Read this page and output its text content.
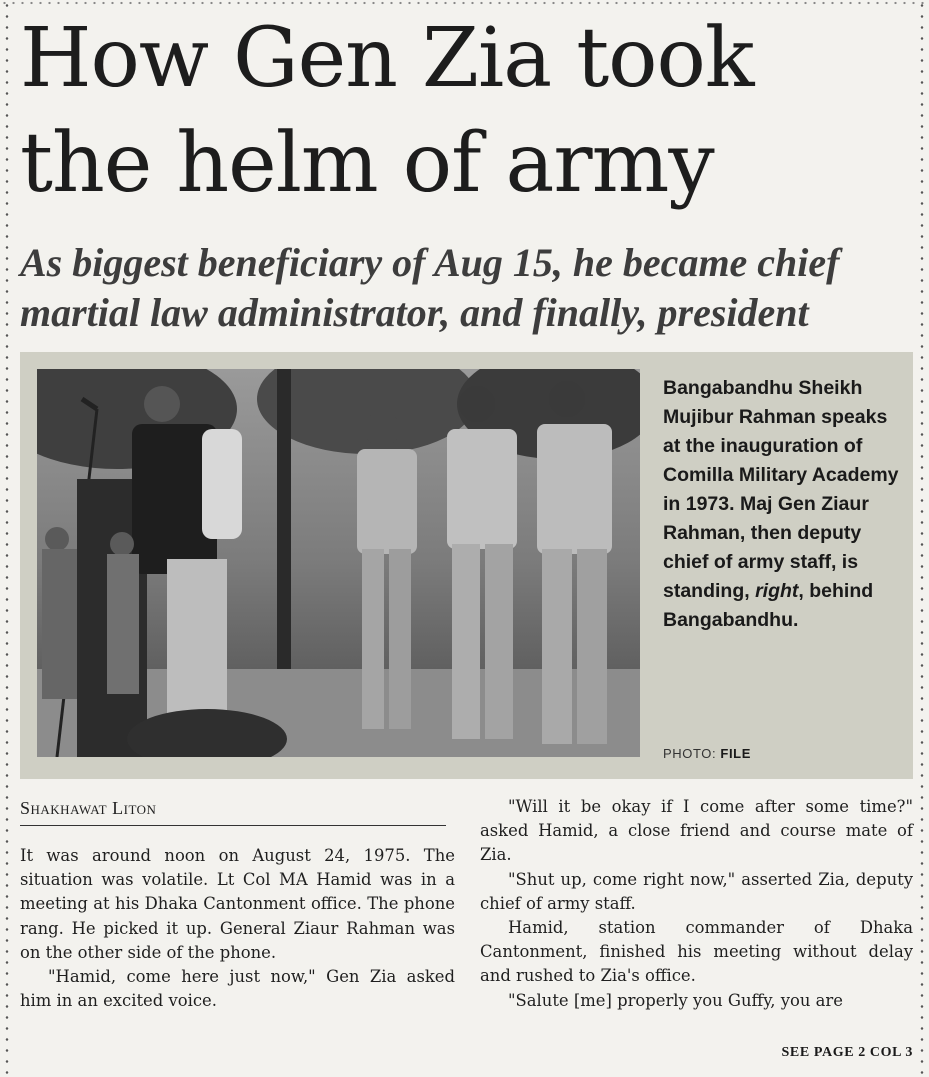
How Gen Zia took
the helm of army
As biggest beneficiary of Aug 15, he became chief
martial law administrator, and finally, president
Bangabandhu Sheikh Mujibur Rahman speaks at the inauguration of Comilla Military Academy in 1973. Maj Gen Ziaur Rahman, then deputy chief of army staff, is standing, right, behind Bangabandhu.
PHOTO: FILE
Shakhawat Liton

It was around noon on August 24, 1975. The situation was volatile. Lt Col MA Hamid was in a meeting at his Dhaka Cantonment office. The phone rang. He picked it up. General Ziaur Rahman was on the other side of the phone.

"Hamid, come here just now," Gen Zia asked him in an excited voice.

"Will it be okay if I come after some time?" asked Hamid, a close friend and course mate of Zia.

"Shut up, come right now," asserted Zia, deputy chief of army staff.

Hamid, station commander of Dhaka Cantonment, finished his meeting without delay and rushed to Zia's office.

"Salute [me] properly you Guffy, you are

SEE PAGE 2 COL 3
